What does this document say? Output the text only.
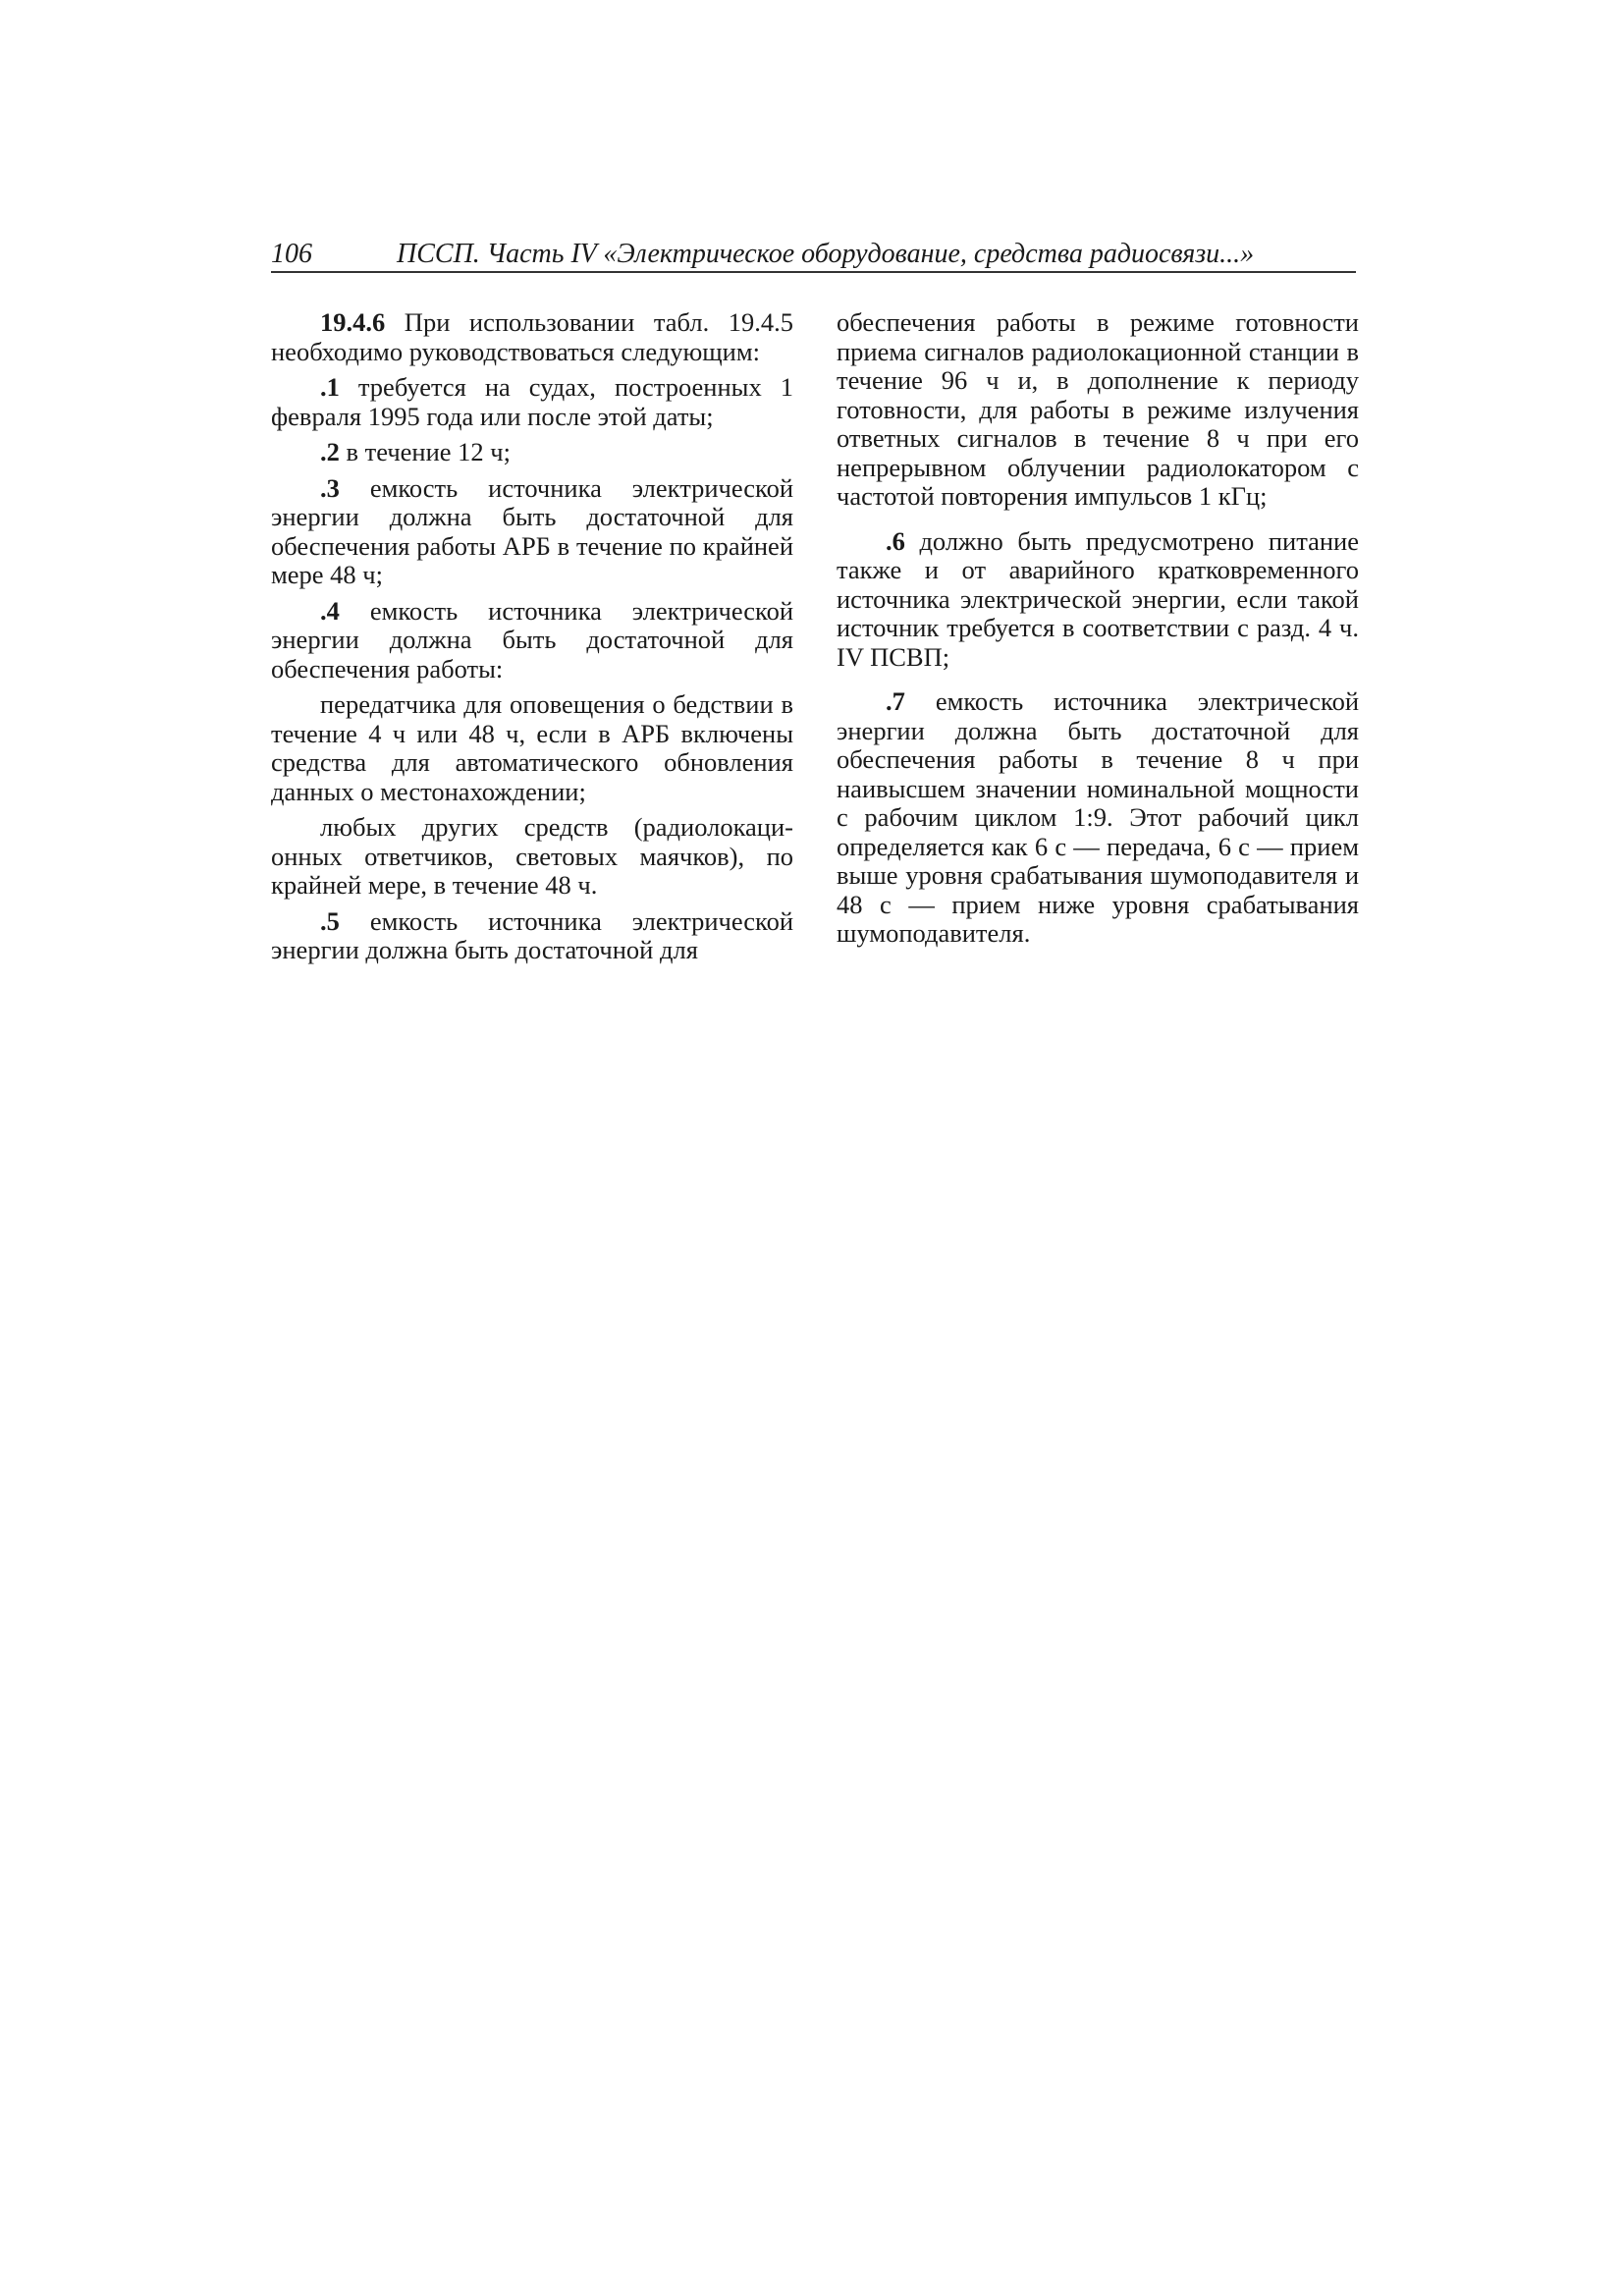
106	ПССП. Часть IV «Электрическое оборудование, средства радиосвязи...»

19.4.6 При использовании табл. 19.4.5 необходимо руководствоваться следующим:

.1 требуется на судах, построенных 1 февраля 1995 года или после этой даты;

.2 в течение 12 ч;

.3 емкость источника электрической энергии должна быть достаточной для обеспечения работы АРБ в течение по крайней мере 48 ч;

.4 емкость источника электрической энергии должна быть достаточной для обеспечения работы:

передатчика для оповещения о бедствии в течение 4 ч или 48 ч, если в АРБ включены средства для автоматического обновления данных о местонахождении;

любых других средств (радиолокационных ответчиков, световых маячков), по крайней мере, в течение 48 ч.

.5 емкость источника электрической энергии должна быть достаточной для

обеспечения работы в режиме готовности приема сигналов радиолокационной станции в течение 96 ч и, в дополнение к периоду готовности, для работы в режиме излучения ответных сигналов в течение 8 ч при его непрерывном облучении радиолокатором с частотой повторения импульсов 1 кГц;

.6 должно быть предусмотрено питание также и от аварийного кратковременного источника электрической энергии, если такой источник требуется в соответствии с разд. 4 ч. IV ПСВП;

.7 емкость источника электрической энергии должна быть достаточной для обеспечения работы в течение 8 ч при наивысшем значении номинальной мощности с рабочим циклом 1:9. Этот рабочий цикл определяется как 6 с — передача, 6 с — прием выше уровня срабатывания шумоподавителя и 48 с — прием ниже уровня срабатывания шумоподавителя.
